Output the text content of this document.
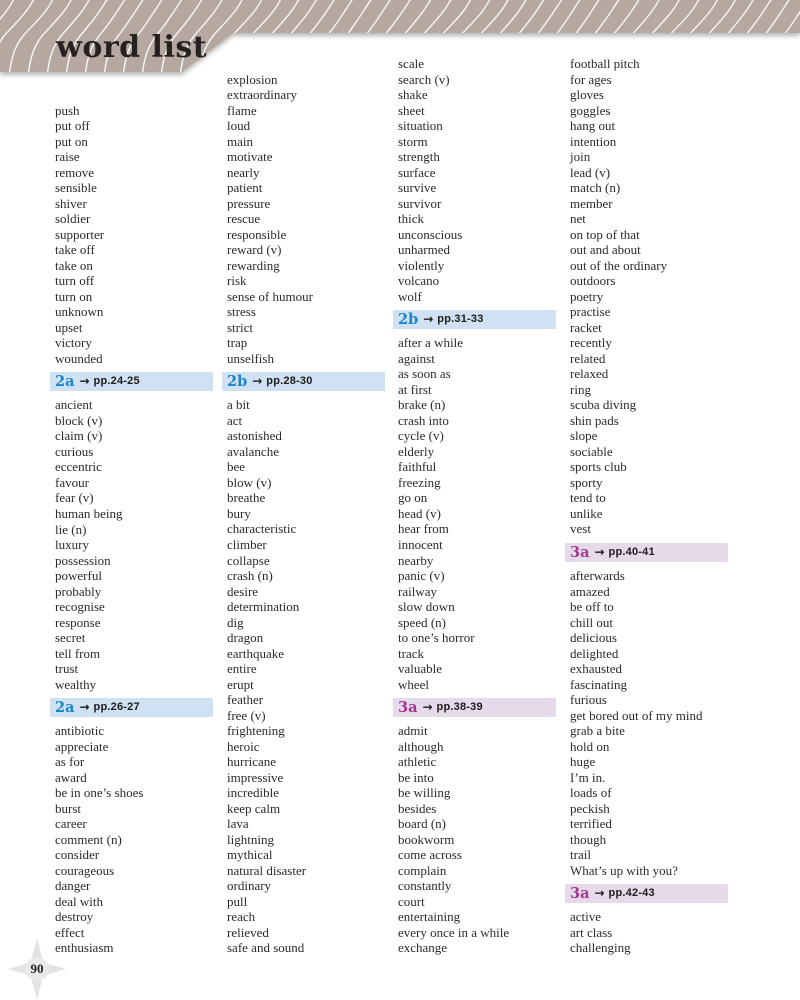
word list
push
put off
put on
raise
remove
sensible
shiver
soldier
supporter
take off
take on
turn off
turn on
unknown
upset
victory
wounded
2a → pp.24-25
ancient
block (v)
claim (v)
curious
eccentric
favour
fear (v)
human being
lie (n)
luxury
possession
powerful
probably
recognise
response
secret
tell from
trust
wealthy
2a → pp.26-27
antibiotic
appreciate
as for
award
be in one’s shoes
burst
career
comment (n)
consider
courageous
danger
deal with
destroy
effect
enthusiasm
explosion
extraordinary
flame
loud
main
motivate
nearly
patient
pressure
rescue
responsible
reward (v)
rewarding
risk
sense of humour
stress
strict
trap
unselfish
2b → pp.28-30
a bit
act
astonished
avalanche
bee
blow (v)
breathe
bury
characteristic
climber
collapse
crash (n)
desire
determination
dig
dragon
earthquake
entire
erupt
feather
free (v)
frightening
heroic
hurricane
impressive
incredible
keep calm
lava
lightning
mythical
natural disaster
ordinary
pull
reach
relieved
safe and sound
scale
search (v)
shake
sheet
situation
storm
strength
surface
survive
survivor
thick
unconscious
unharmed
violently
volcano
wolf
2b → pp.31-33
after a while
against
as soon as
at first
brake (n)
crash into
cycle (v)
elderly
faithful
freezing
go on
head (v)
hear from
innocent
nearby
panic (v)
railway
slow down
speed (n)
to one’s horror
track
valuable
wheel
3a → pp.38-39
admit
although
athletic
be into
be willing
besides
board (n)
bookworm
come across
complain
constantly
court
entertaining
every once in a while
exchange
football pitch
for ages
gloves
goggles
hang out
intention
join
lead (v)
match (n)
member
net
on top of that
out and about
out of the ordinary
outdoors
poetry
practise
racket
recently
related
relaxed
ring
scuba diving
shin pads
slope
sociable
sports club
sporty
tend to
unlike
vest
3a → pp.40-41
afterwards
amazed
be off to
chill out
delicious
delighted
exhausted
fascinating
furious
get bored out of my mind
grab a bite
hold on
huge
I’m in.
loads of
peckish
terrified
though
trail
What’s up with you?
3a → pp.42-43
active
art class
challenging
90
